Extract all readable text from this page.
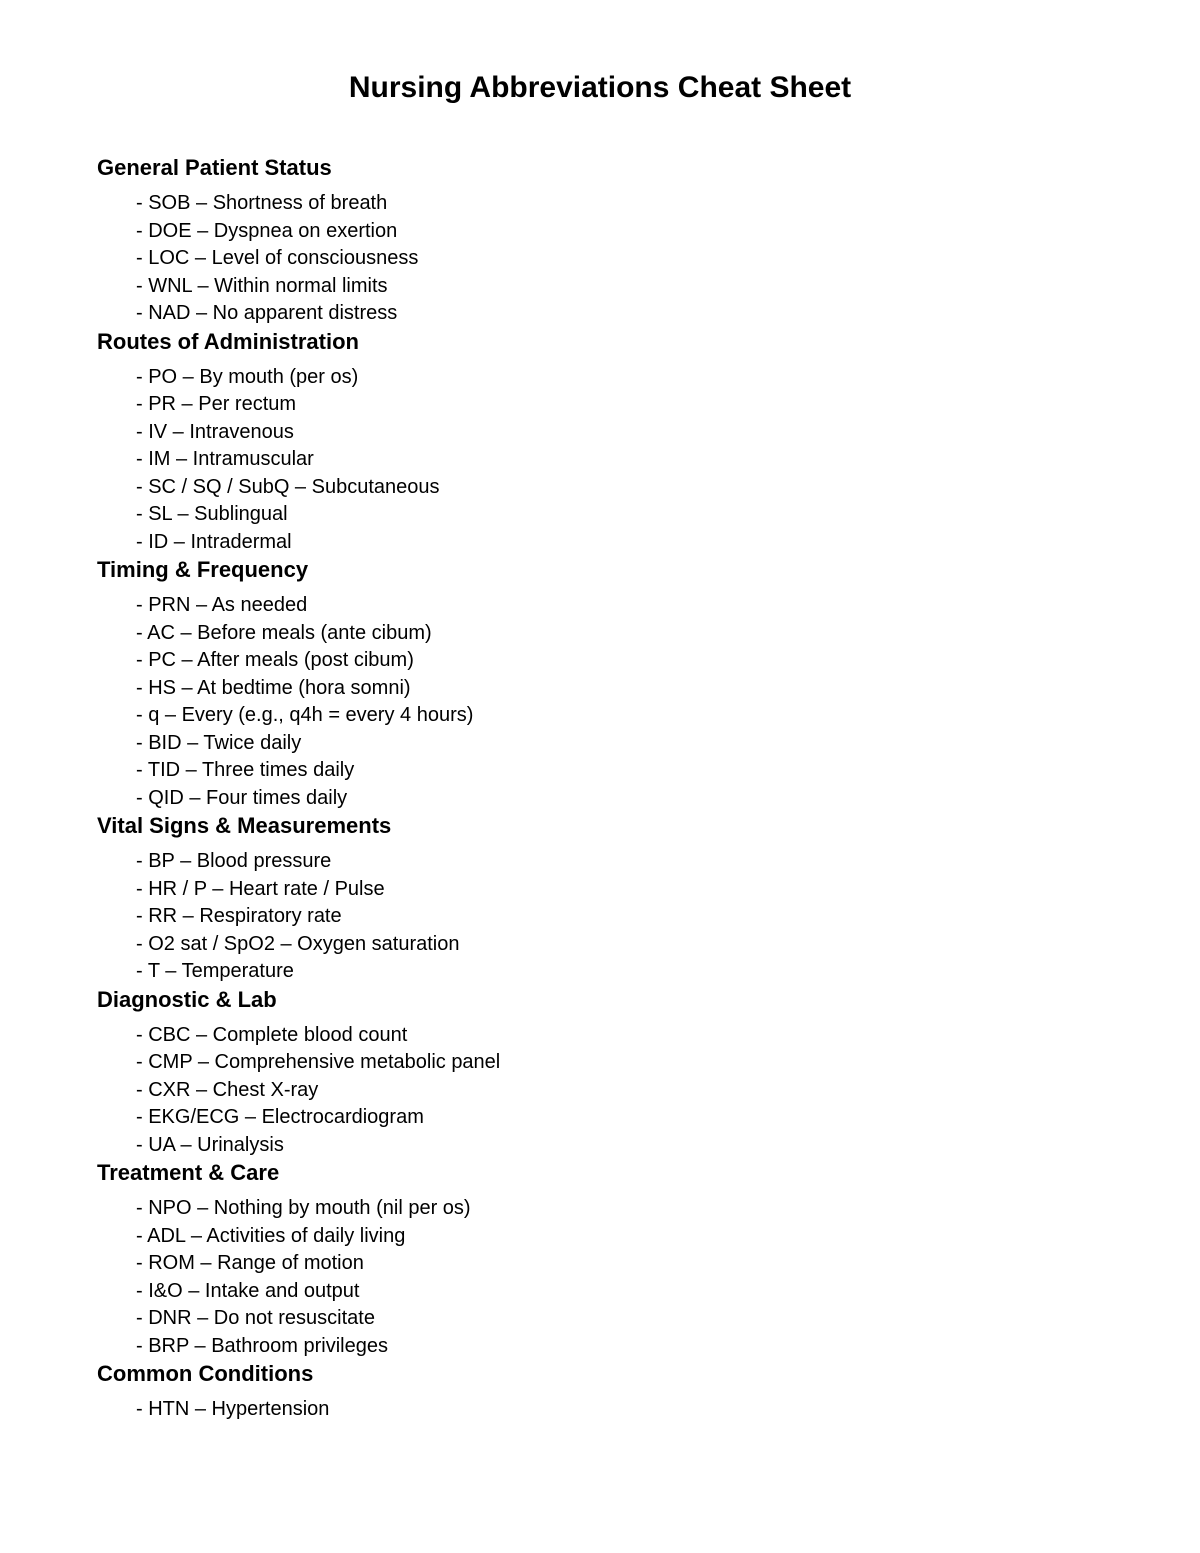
Nursing Abbreviations Cheat Sheet
General Patient Status
- SOB – Shortness of breath
- DOE – Dyspnea on exertion
- LOC – Level of consciousness
- WNL – Within normal limits
- NAD – No apparent distress
Routes of Administration
- PO – By mouth (per os)
- PR – Per rectum
- IV – Intravenous
- IM – Intramuscular
- SC / SQ / SubQ – Subcutaneous
- SL – Sublingual
- ID – Intradermal
Timing & Frequency
- PRN – As needed
- AC – Before meals (ante cibum)
- PC – After meals (post cibum)
- HS – At bedtime (hora somni)
- q – Every (e.g., q4h = every 4 hours)
- BID – Twice daily
- TID – Three times daily
- QID – Four times daily
Vital Signs & Measurements
- BP – Blood pressure
- HR / P – Heart rate / Pulse
- RR – Respiratory rate
- O2 sat / SpO2 – Oxygen saturation
- T – Temperature
Diagnostic & Lab
- CBC – Complete blood count
- CMP – Comprehensive metabolic panel
- CXR – Chest X-ray
- EKG/ECG – Electrocardiogram
- UA – Urinalysis
Treatment & Care
- NPO – Nothing by mouth (nil per os)
- ADL – Activities of daily living
- ROM – Range of motion
- I&O – Intake and output
- DNR – Do not resuscitate
- BRP – Bathroom privileges
Common Conditions
- HTN – Hypertension
